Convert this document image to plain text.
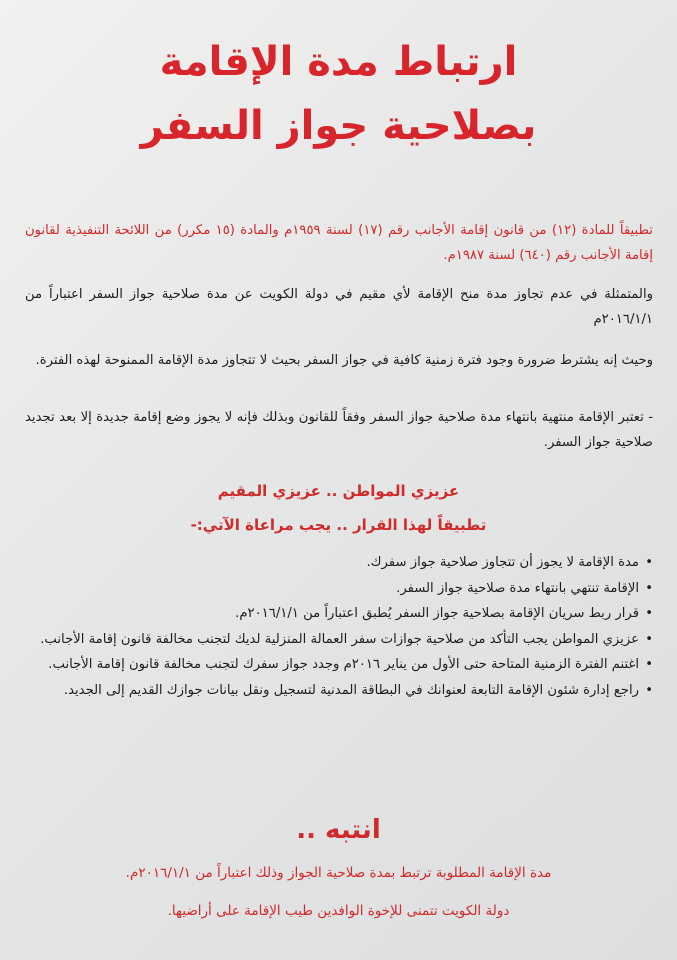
ارتباط مدة الإقامة
بصلاحية جواز السفر
تطبيقاً للمادة (١٢) من قانون إقامة الأجانب رقم (١٧) لسنة ١٩٥٩م والمادة (١٥ مكرر) من اللائحة التنفيذية لقانون إقامة الأجانب رقم (٦٤٠) لسنة ١٩٨٧م.
والمتمثلة في عدم تجاوز مدة منح الإقامة لأي مقيم في دولة الكويت عن مدة صلاحية جواز السفر اعتباراً من ٢٠١٦/١/١م
وحيث إنه يشترط ضرورة وجود فترة زمنية كافية في جواز السفر بحيث لا تتجاوز مدة الإقامة الممنوحة لهذه الفترة.
- تعتبر الإقامة منتهية بانتهاء مدة صلاحية جواز السفر وفقاً للقانون وبذلك فإنه لا يجوز وضع إقامة جديدة إلا بعد تجديد صلاحية جواز السفر.
عزيزي المواطن .. عزيزي المقيم
تطبيقاً لهذا القرار .. يجب مراعاة الآتي:-
•
مدة الإقامة لا يجوز أن تتجاوز صلاحية جواز سفرك.
•
الإقامة تنتهي بانتهاء مدة صلاحية جواز السفر.
•
قرار ربط سريان الإقامة بصلاحية جواز السفر يُطبق اعتباراً من ٢٠١٦/١/١م.
•
عزيزي المواطن يجب التأكد من صلاحية جوازات سفر العمالة المنزلية لديك لتجنب مخالفة قانون إقامة الأجانب.
•
اغتنم الفترة الزمنية المتاحة حتى الأول من يناير ٢٠١٦م وجدد جواز سفرك لتجنب مخالفة قانون إقامة الأجانب.
•
راجع إدارة شئون الإقامة التابعة لعنوانك في البطاقة المدنية لتسجيل ونقل بيانات جوازك القديم إلى الجديد.
انتبه ..
مدة الإقامة المطلوبة ترتبط بمدة صلاحية الجواز وذلك اعتباراً من ٢٠١٦/١/١م.
دولة الكويت تتمنى للإخوة الوافدين طيب الإقامة على أراضيها.
